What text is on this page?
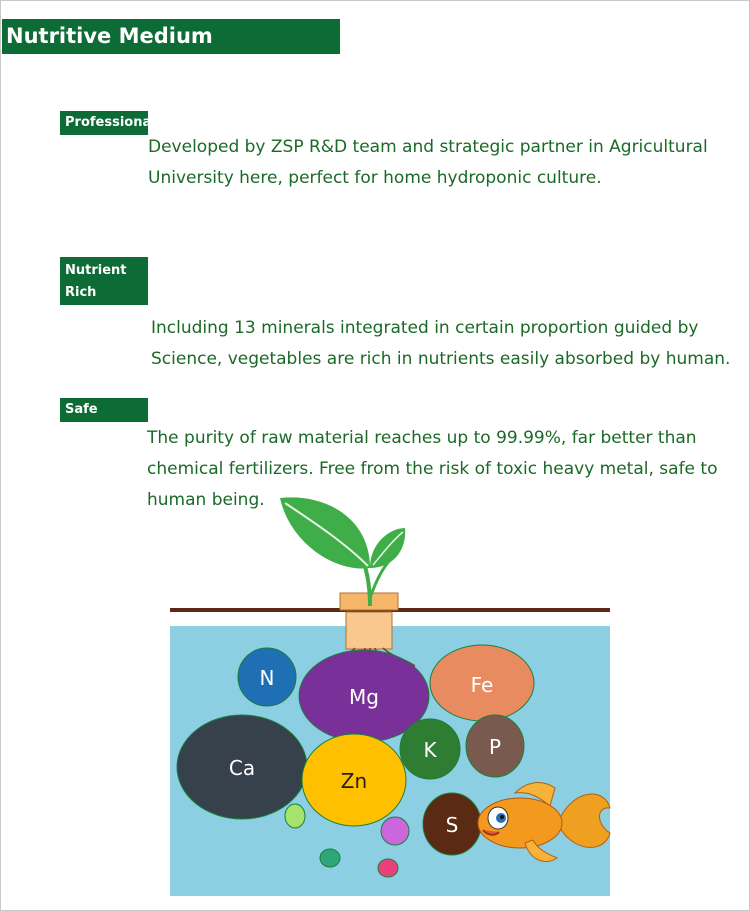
Nutritive Medium
Professional

Developed by ZSP R&D team and strategic partner in Agricultural University here, perfect for home hydroponic culture.

Nutrient
Rich

Including 13 minerals integrated in certain proportion guided by Science, vegetables are rich in nutrients easily absorbed by human.

Safe

The purity of raw material reaches up to 99.99%, far better than chemical fertilizers. Free from the risk of toxic heavy metal, safe to human being.

N
Mg	Fe
Ca
Zn
K	P
S
